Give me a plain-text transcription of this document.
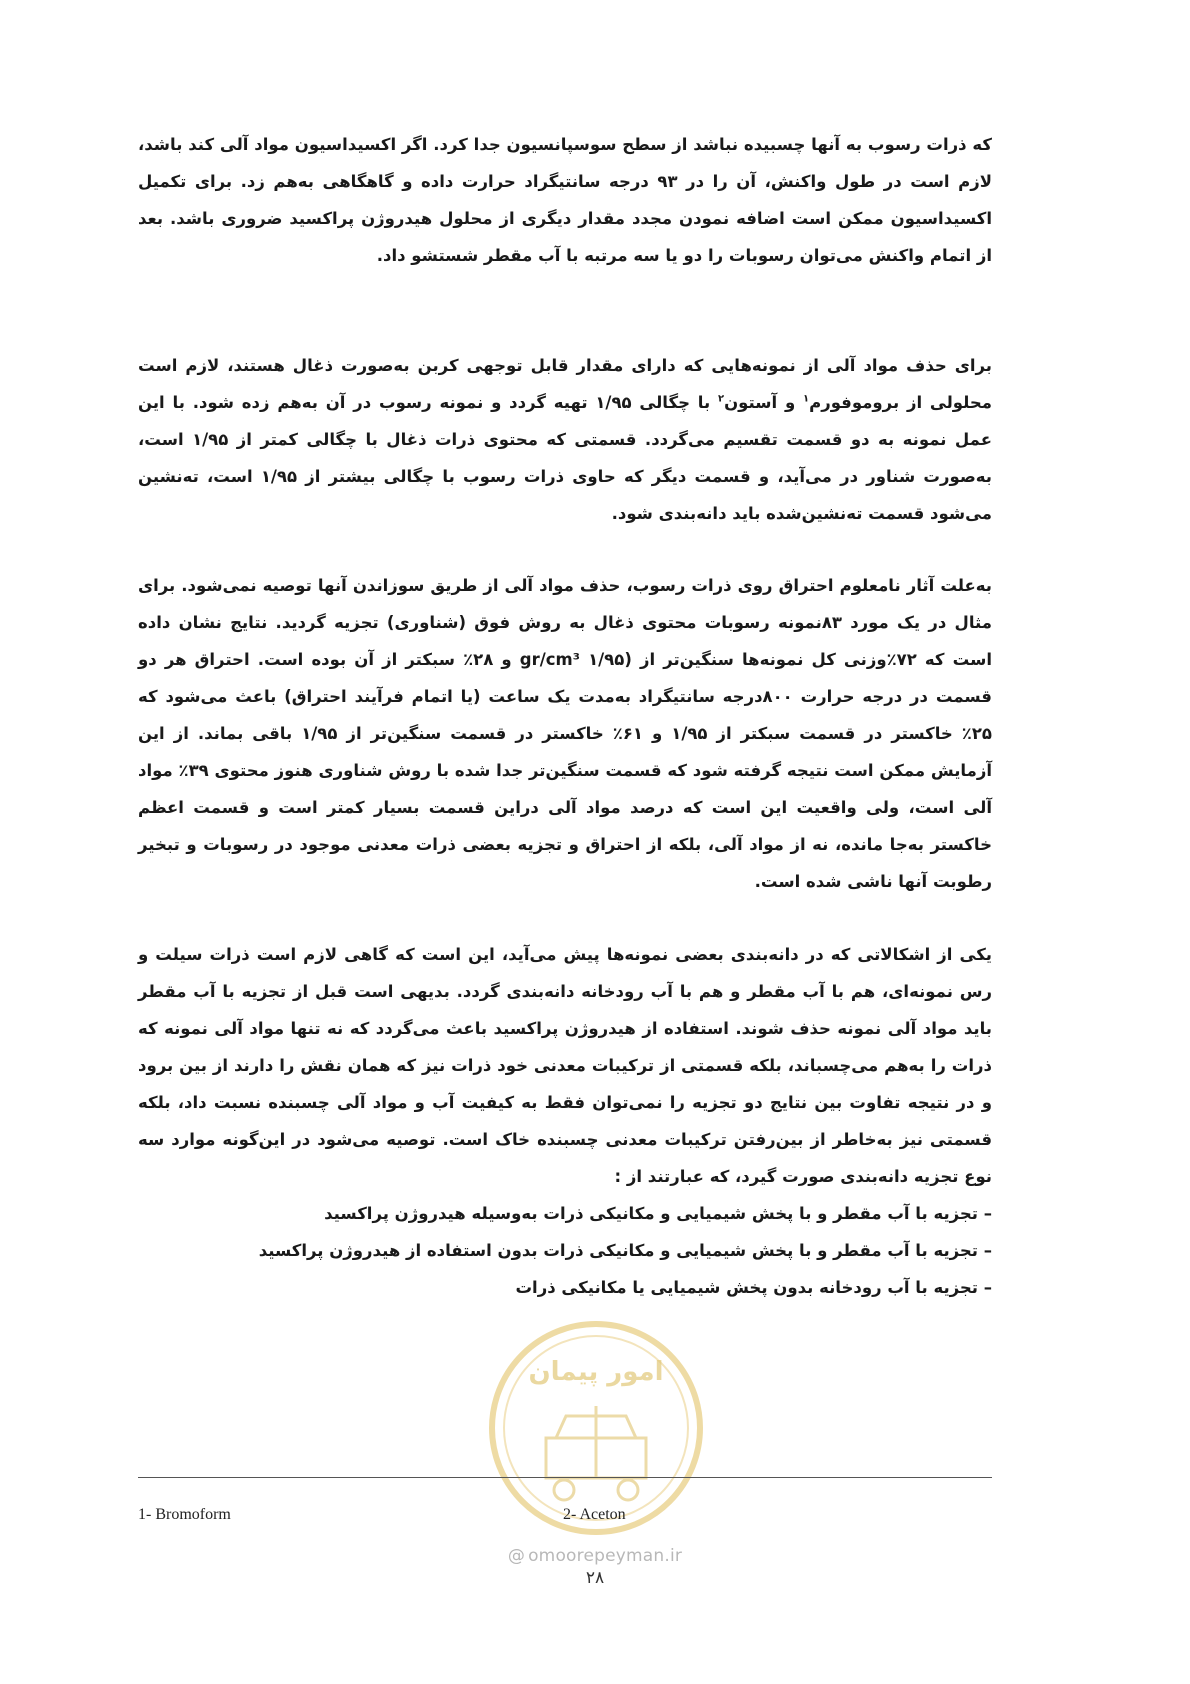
که ذرات رسوب به آنها چسبیده نباشد از سطح سوسپانسیون جدا کرد. اگر اکسیداسیون مواد آلی کند باشد، لازم است در طول واکنش، آن را در ۹۳ درجه سانتیگراد حرارت داده و گاهگاهی به‌هم زد. برای تکمیل اکسیداسیون ممکن است اضافه نمودن مجدد مقدار دیگری از محلول هیدروژن پراکسید ضروری باشد. بعد از اتمام واکنش می‌توان رسوبات را دو یا سه مرتبه با آب مقطر شستشو داد.

برای حذف مواد آلی از نمونه‌هایی که دارای مقدار قابل توجهی کربن به‌صورت ذغال هستند، لازم است محلولی از بروموفورم$^۱$ و آستون$^۲$ با چگالی ۱/۹۵ تهیه گردد و نمونه رسوب در آن به‌هم زده شود. با این عمل نمونه به دو قسمت تقسیم می‌گردد. قسمتی که محتوی ذرات ذغال با چگالی کمتر از ۱/۹۵ است، به‌صورت شناور در می‌آید، و قسمت دیگر که حاوی ذرات رسوب با چگالی بیشتر از ۱/۹۵ است، ته‌نشین می‌شود قسمت ته‌نشین‌شده باید دانه‌بندی شود.

به‌علت آثار نامعلوم احتراق روی ذرات رسوب، حذف مواد آلی از طریق سوزاندن آنها توصیه نمی‌شود. برای مثال در یک مورد ۸۳نمونه رسوبات محتوی ذغال به روش فوق (شناوری) تجزیه گردید. نتایج نشان داده است که ۷۲٪وزنی کل نمونه‌ها سنگین‌تر از (gr/cm³ ۱/۹۵ و ۲۸٪ سبکتر از آن بوده است. احتراق هر دو قسمت در درجه حرارت ۸۰۰درجه سانتیگراد به‌مدت یک ساعت (یا اتمام فرآیند احتراق) باعث می‌شود که ۲۵٪ خاکستر در قسمت سبکتر از ۱/۹۵ و ۶۱٪ خاکستر در قسمت سنگین‌تر از ۱/۹۵ باقی بماند. از این آزمایش ممکن است نتیجه گرفته شود که قسمت سنگین‌تر جدا شده با روش شناوری هنوز محتوی ۳۹٪ مواد آلی است، ولی واقعیت این است که درصد مواد آلی دراین قسمت بسیار کمتر است و قسمت اعظم خاکستر به‌جا مانده، نه از مواد آلی، بلکه از احتراق و تجزیه بعضی ذرات معدنی موجود در رسوبات و تبخیر رطوبت آنها ناشی شده است.

یکی از اشکالاتی که در دانه‌بندی بعضی نمونه‌ها پیش می‌آید، این است که گاهی لازم است ذرات سیلت و رس نمونه‌ای، هم با آب مقطر و هم با آب رودخانه دانه‌بندی گردد. بدیهی است قبل از تجزیه با آب مقطر باید مواد آلی نمونه حذف شوند. استفاده از هیدروژن پراکسید باعث می‌گردد که نه تنها مواد آلی نمونه که ذرات را به‌هم می‌چسباند، بلکه قسمتی از ترکیبات معدنی خود ذرات نیز که همان نقش را دارند از بین برود و در نتیجه تفاوت بین نتایج دو تجزیه را نمی‌توان فقط به کیفیت آب و مواد آلی چسبنده نسبت داد، بلکه قسمتی نیز به‌خاطر از بین‌رفتن ترکیبات معدنی چسبنده خاک است. توصیه می‌شود در این‌گونه موارد سه نوع تجزیه دانه‌بندی صورت گیرد، که عبارتند از :

– تجزیه با آب مقطر و با پخش شیمیایی و مکانیکی ذرات به‌وسیله هیدروژن پراکسید
– تجزیه با آب مقطر و با پخش شیمیایی و مکانیکی ذرات بدون استفاده از هیدروژن پراکسید
– تجزیه با آب رودخانه بدون پخش شیمیایی یا مکانیکی ذرات
امور پیمان
1- Bromoform	2- Aceton
@ omoorepeyman.ir
۲۸
